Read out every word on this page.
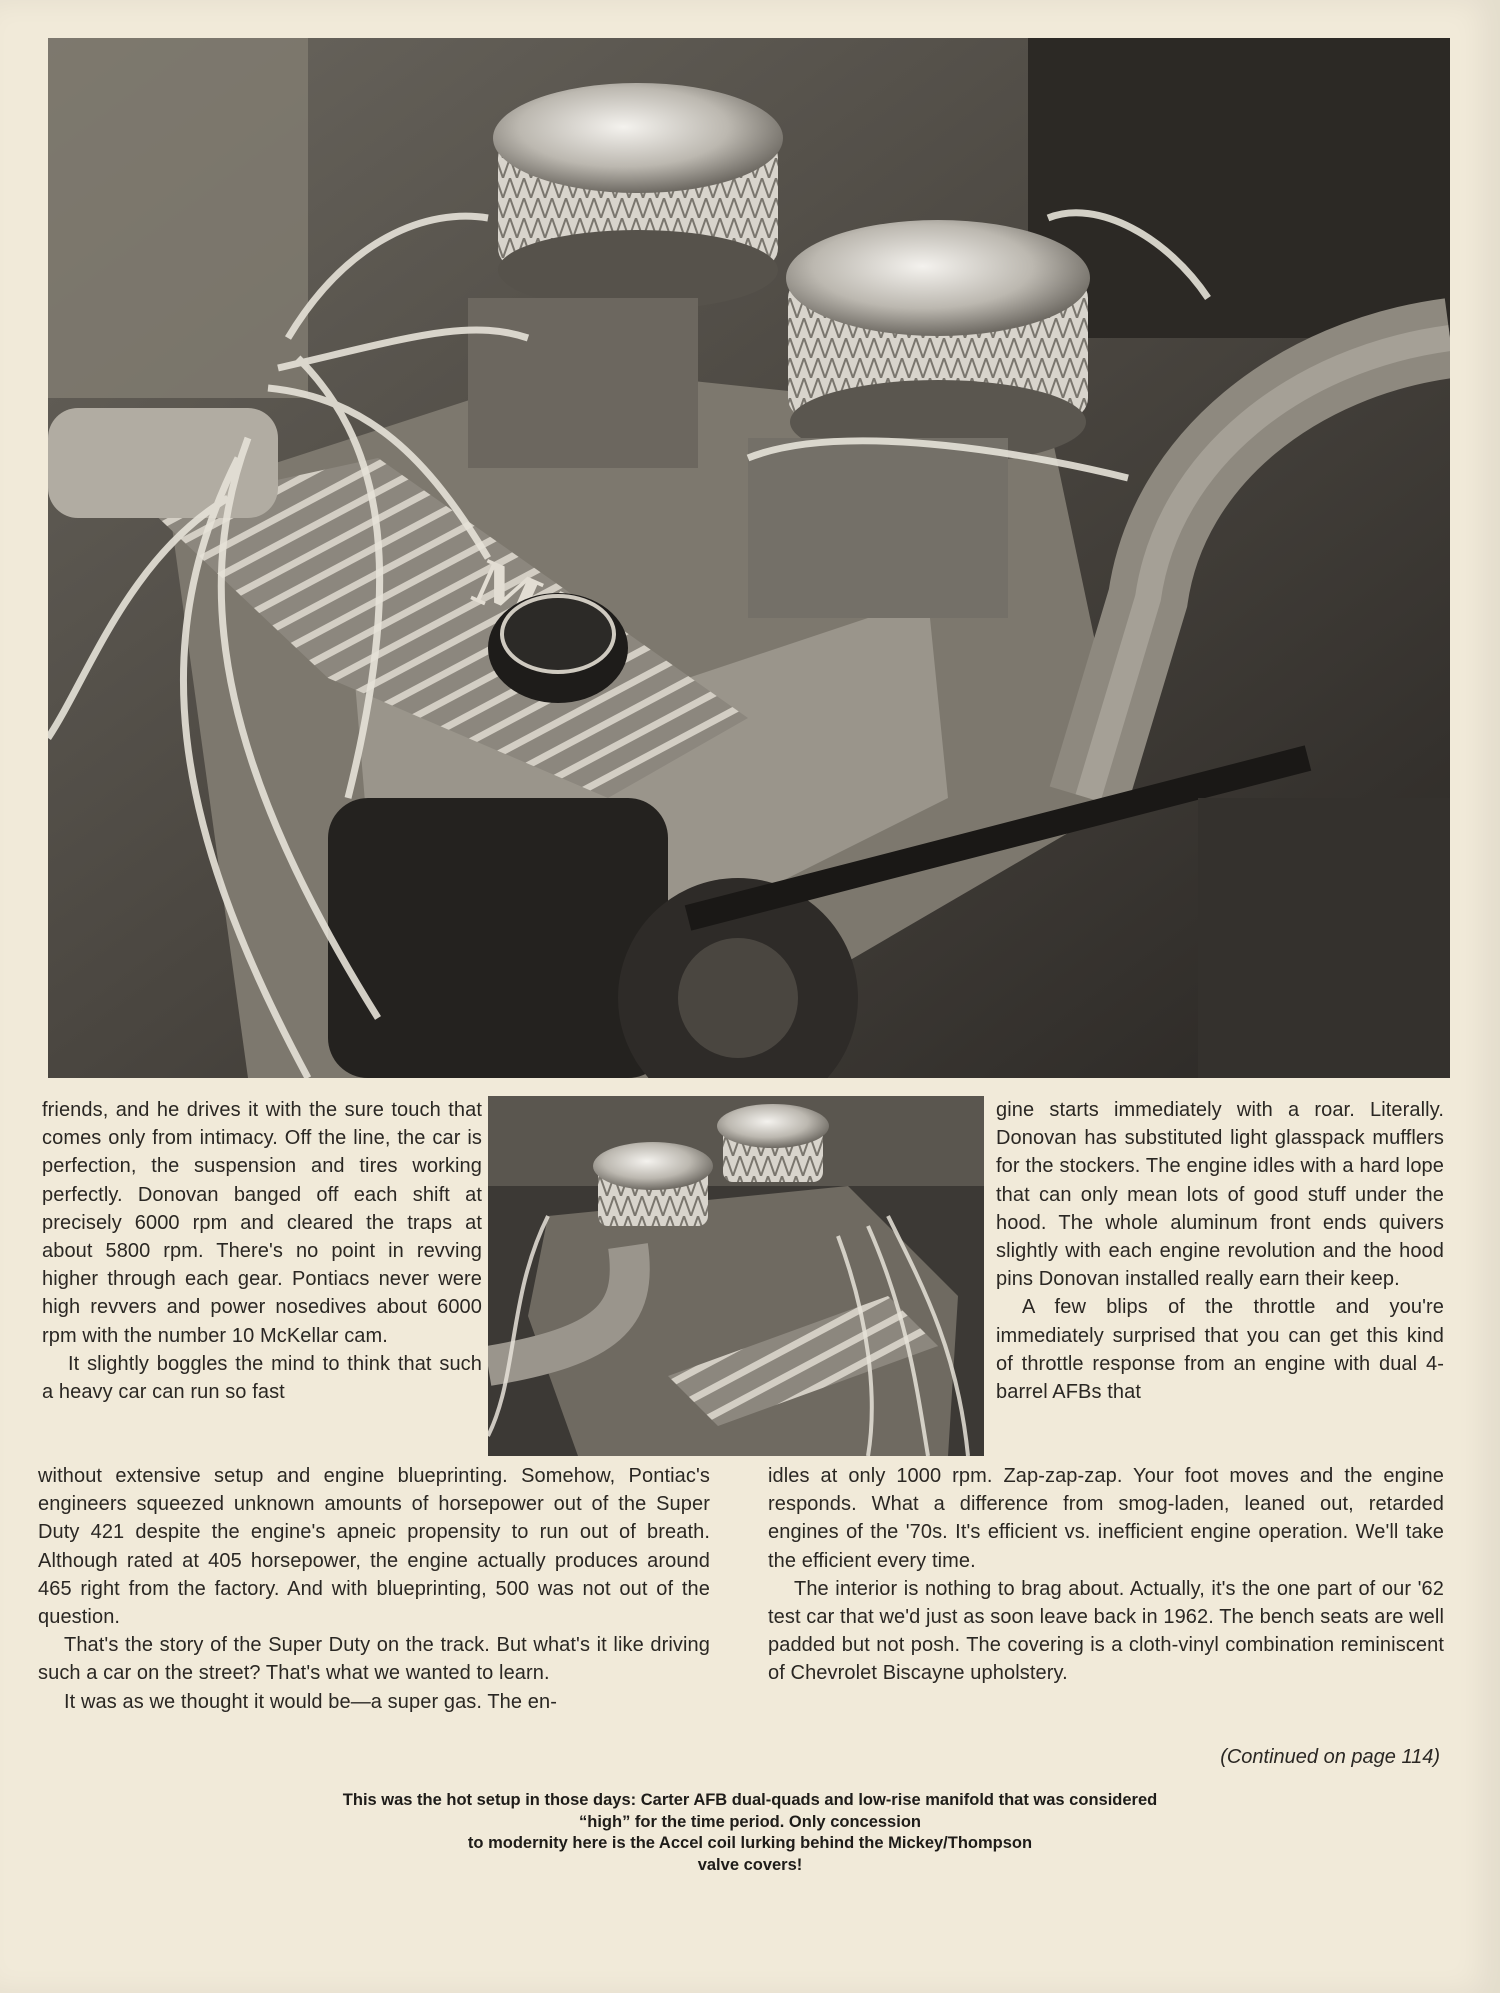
friends, and he drives it with the sure touch that comes only from intimacy. Off the line, the car is perfection, the suspension and tires working perfectly. Donovan banged off each shift at precisely 6000 rpm and cleared the traps at about 5800 rpm. There's no point in revving higher through each gear. Pontiacs never were high revvers and power nosedives about 6000 rpm with the number 10 McKellar cam.

It slightly boggles the mind to think that such a heavy car can run so fast

gine starts immediately with a roar. Literally. Donovan has substituted light glasspack mufflers for the stockers. The engine idles with a hard lope that can only mean lots of good stuff under the hood. The whole aluminum front ends quivers slightly with each engine revolution and the hood pins Donovan installed really earn their keep.

A few blips of the throttle and you're immediately surprised that you can get this kind of throttle response from an engine with dual 4-barrel AFBs that

without extensive setup and engine blueprinting. Somehow, Pontiac's engineers squeezed unknown amounts of horsepower out of the Super Duty 421 despite the engine's apneic propensity to run out of breath. Although rated at 405 horsepower, the engine actually produces around 465 right from the factory. And with blueprinting, 500 was not out of the question.

That's the story of the Super Duty on the track. But what's it like driving such a car on the street? That's what we wanted to learn.

It was as we thought it would be—a super gas. The en-

idles at only 1000 rpm. Zap-zap-zap. Your foot moves and the engine responds. What a difference from smog-laden, leaned out, retarded engines of the '70s. It's efficient vs. inefficient engine operation. We'll take the efficient every time.

The interior is nothing to brag about. Actually, it's the one part of our '62 test car that we'd just as soon leave back in 1962. The bench seats are well padded but not posh. The covering is a cloth-vinyl combination reminiscent of Chevrolet Biscayne upholstery.

(Continued on page 114)
This was the hot setup in those days: Carter AFB dual-quads and low-rise manifold that was considered
“high” for the time period. Only concession
to modernity here is the Accel coil lurking behind the Mickey/Thompson
valve covers!
